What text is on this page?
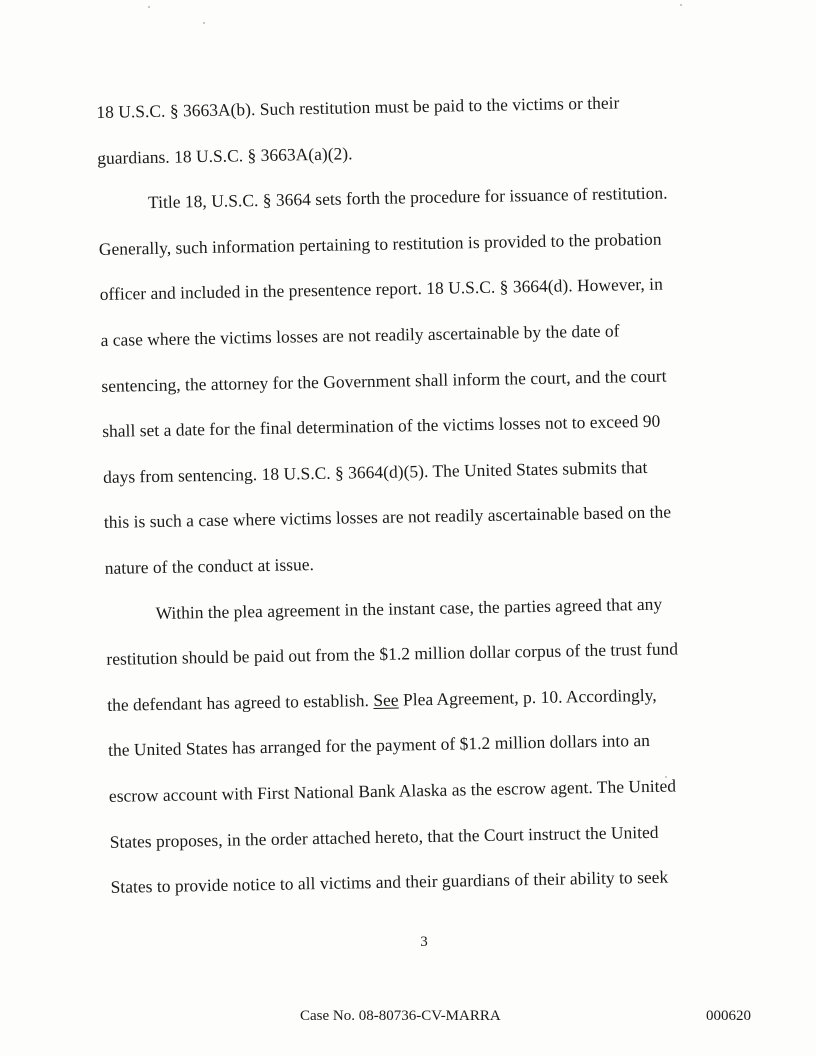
18 U.S.C. § 3663A(b). Such restitution must be paid to the victims or their
guardians. 18 U.S.C. § 3663A(a)(2).
Title 18, U.S.C. § 3664 sets forth the procedure for issuance of restitution.
Generally, such information pertaining to restitution is provided to the probation
officer and included in the presentence report. 18 U.S.C. § 3664(d). However, in
a case where the victims losses are not readily ascertainable by the date of
sentencing, the attorney for the Government shall inform the court, and the court
shall set a date for the final determination of the victims losses not to exceed 90
days from sentencing. 18 U.S.C. § 3664(d)(5). The United States submits that
this is such a case where victims losses are not readily ascertainable based on the
nature of the conduct at issue.
Within the plea agreement in the instant case, the parties agreed that any
restitution should be paid out from the $1.2 million dollar corpus of the trust fund
the defendant has agreed to establish. See Plea Agreement, p. 10. Accordingly,
the United States has arranged for the payment of $1.2 million dollars into an
escrow account with First National Bank Alaska as the escrow agent. The United
States proposes, in the order attached hereto, that the Court instruct the United
States to provide notice to all victims and their guardians of their ability to seek
3
Case No. 08-80736-CV-MARRA	000620
